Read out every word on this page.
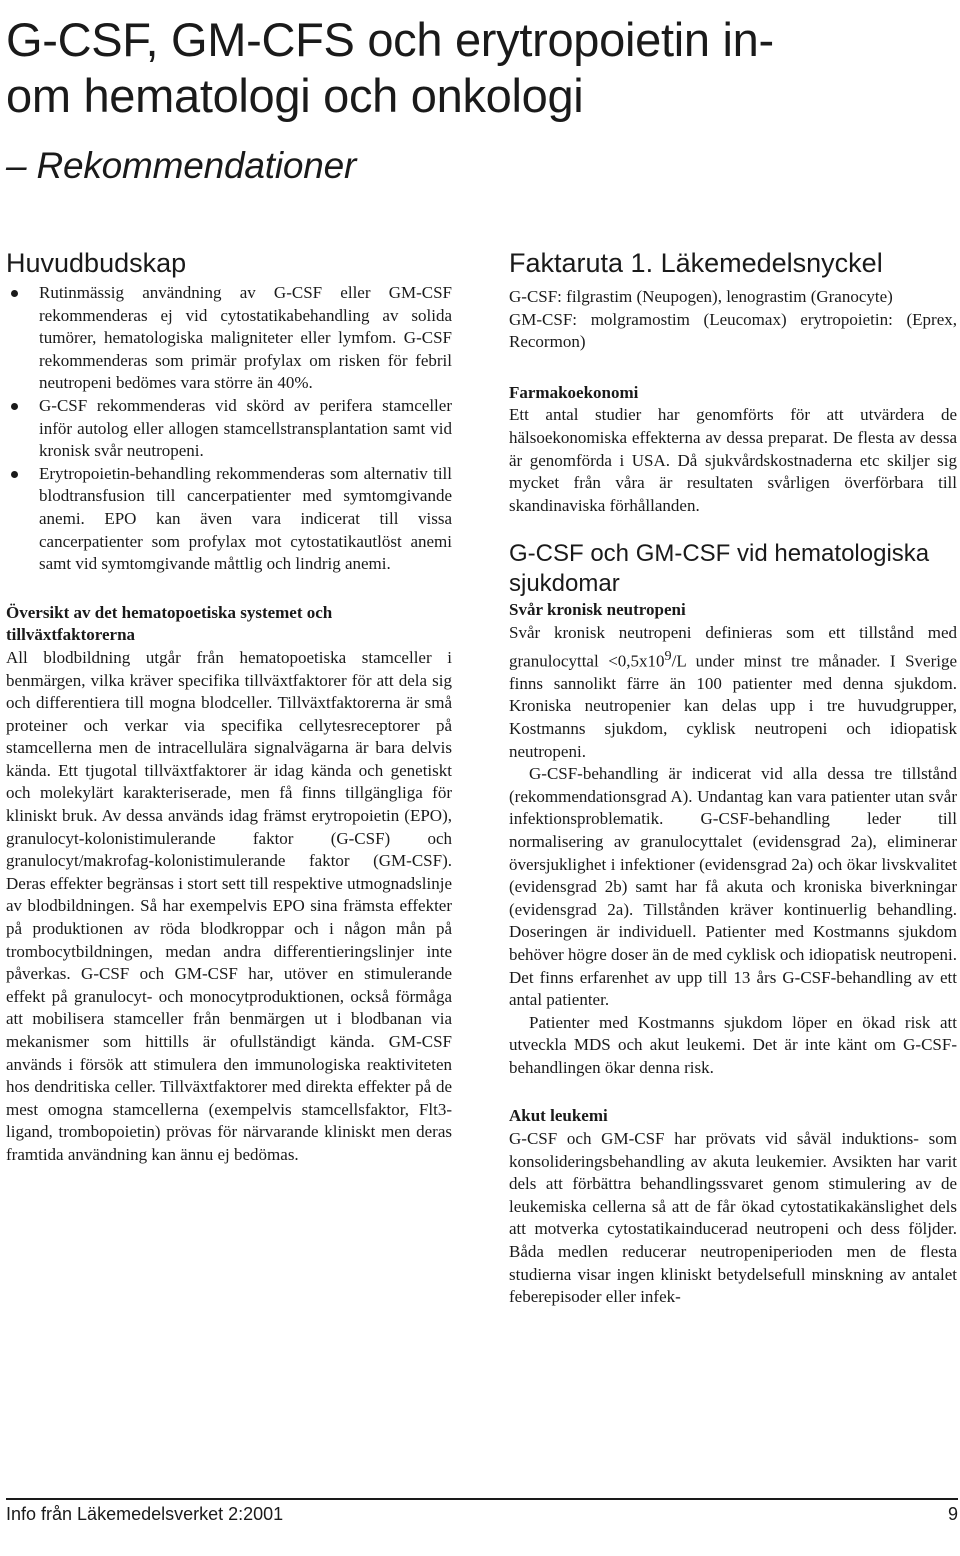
G-CSF, GM-CFS och erytropoietin in-
om hematologi och onkologi

– Rekommendationer

Huvudbudskap
Rutinmässig användning av G-CSF eller GM-CSF rekommenderas ej vid cytostatikabehandling av solida tumörer, hematologiska maligniteter eller lymfom. G-CSF rekommenderas som primär profylax om risken för febril neutropeni bedömes vara större än 40%.
G-CSF rekommenderas vid skörd av perifera stamceller inför autolog eller allogen stamcellstransplantation samt vid kronisk svår neutropeni.
Erytropoietin-behandling rekommenderas som alternativ till blodtransfusion till cancerpatienter med symtomgivande anemi. EPO kan även vara indicerat till vissa cancerpatienter som profylax mot cytostatikautlöst anemi samt vid symtomgivande måttlig och lindrig anemi.
Översikt av det hematopoetiska systemet och tillväxtfaktorerna

All blodbildning utgår från hematopoetiska stamceller i benmärgen, vilka kräver specifika tillväxtfaktorer för att dela sig och differentiera till mogna blodceller. Tillväxtfaktorerna är små proteiner och verkar via specifika cellytesreceptorer på stamcellerna men de intracellulära signalvägarna är bara delvis kända. Ett tjugotal tillväxtfaktorer är idag kända och genetiskt och molekylärt karakteriserade, men få finns tillgängliga för kliniskt bruk. Av dessa används idag främst erytropoietin (EPO), granulocyt-kolonistimulerande faktor (G-CSF) och granulocyt/makrofag-kolonistimulerande faktor (GM-CSF). Deras effekter begränsas i stort sett till respektive utmognadslinje av blodbildningen. Så har exempelvis EPO sina främsta effekter på produktionen av röda blodkroppar och i någon mån på trombocytbildningen, medan andra differentieringslinjer inte påverkas. G-CSF och GM-CSF har, utöver en stimulerande effekt på granulocyt- och monocytproduktionen, också förmåga att mobilisera stamceller från benmärgen ut i blodbanan via mekanismer som hittills är ofullständigt kända. GM-CSF används i försök att stimulera den immunologiska reaktiviteten hos dendritiska celler. Tillväxtfaktorer med direkta effekter på de mest omogna stamcellerna (exempelvis stamcellsfaktor, Flt3-ligand, trombopoietin) prövas för närvarande kliniskt men deras framtida användning kan ännu ej bedömas.

Faktaruta 1. Läkemedelsnyckel

G-CSF: filgrastim (Neupogen), lenograstim (Granocyte)

GM-CSF: molgramostim (Leucomax) erytropoietin: (Eprex, Recormon)

Farmakoekonomi

Ett antal studier har genomförts för att utvärdera de hälsoekonomiska effekterna av dessa preparat. De flesta av dessa är genomförda i USA. Då sjukvårdskostnaderna etc skiljer sig mycket från våra är resultaten svårligen överförbara till skandinaviska förhållanden.

G-CSF och GM-CSF vid hematologiska sjukdomar
Svår kronisk neutropeni

Svår kronisk neutropeni definieras som ett tillstånd med granulocyttal $<0,5x10^9/L$ under minst tre månader. I Sverige finns sannolikt färre än 100 patienter med denna sjukdom. Kroniska neutropenier kan delas upp i tre huvudgrupper, Kostmanns sjukdom, cyklisk neutropeni och idiopatisk neutropeni.

G-CSF-behandling är indicerat vid alla dessa tre tillstånd (rekommendationsgrad A). Undantag kan vara patienter utan svår infektionsproblematik. G-CSF-behandling leder till normalisering av granulocyttalet (evidensgrad 2a), eliminerar översjuklighet i infektioner (evidensgrad 2a) och ökar livskvalitet (evidensgrad 2b) samt har få akuta och kroniska biverkningar (evidensgrad 2a). Tillstånden kräver kontinuerlig behandling. Doseringen är individuell. Patienter med Kostmanns sjukdom behöver högre doser än de med cyklisk och idiopatisk neutropeni. Det finns erfarenhet av upp till 13 års G-CSF-behandling av ett antal patienter.

Patienter med Kostmanns sjukdom löper en ökad risk att utveckla MDS och akut leukemi. Det är inte känt om G-CSF-behandlingen ökar denna risk.

Akut leukemi

G-CSF och GM-CSF har prövats vid såväl induktions- som konsolideringsbehandling av akuta leukemier. Avsikten har varit dels att förbättra behandlingssvaret genom stimulering av de leukemiska cellerna så att de får ökad cytostatikakänslighet dels att motverka cytostatikainducerad neutropeni och dess följder. Båda medlen reducerar neutropeniperioden men de flesta studierna visar ingen kliniskt betydelsefull minskning av antalet feberepisoder eller infek-

Info från Läkemedelsverket 2:2001	9
